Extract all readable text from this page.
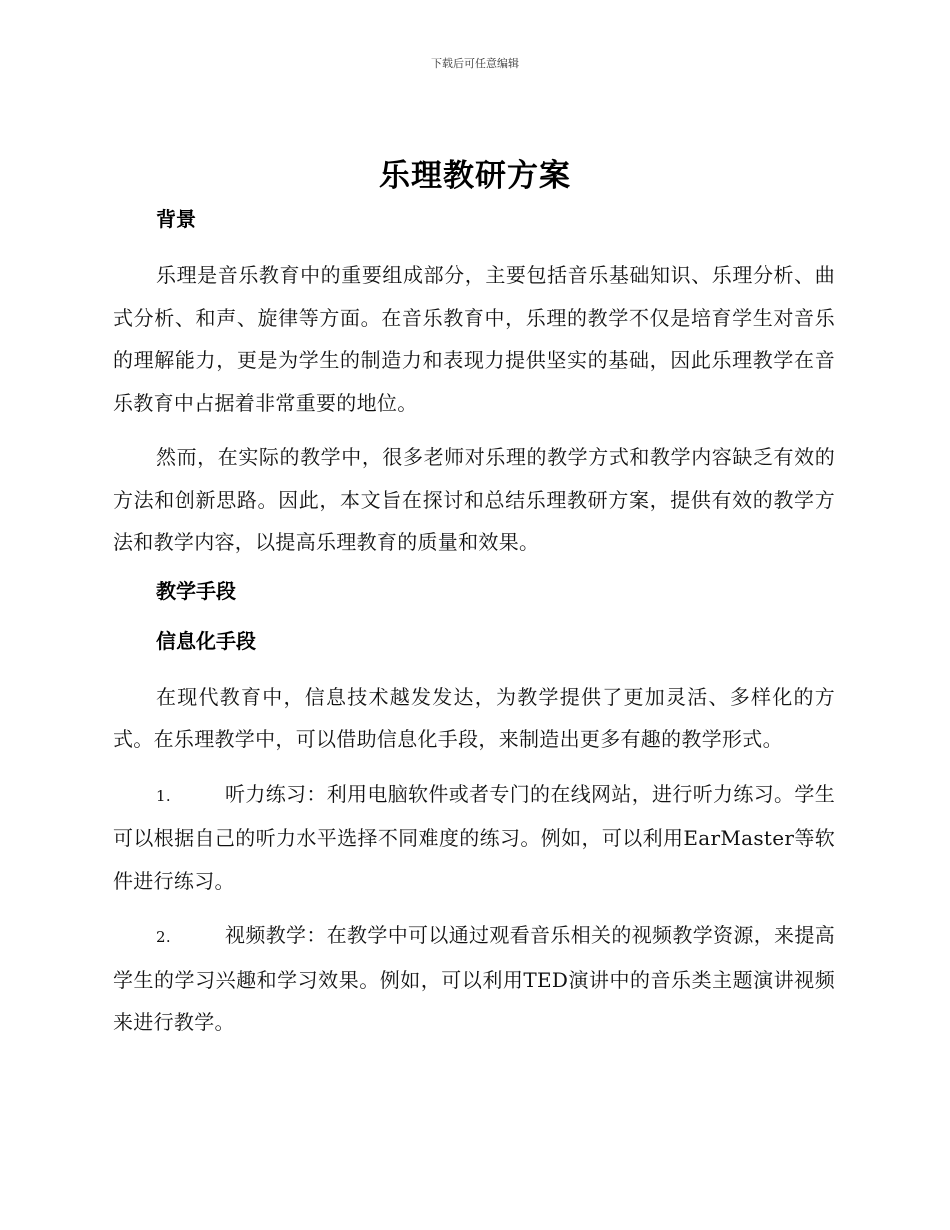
下载后可任意编辑
乐理教研方案
背景

乐理是音乐教育中的重要组成部分，主要包括音乐基础知识、乐理分析、曲式分析、和声、旋律等方面。在音乐教育中，乐理的教学不仅是培育学生对音乐的理解能力，更是为学生的制造力和表现力提供坚实的基础，因此乐理教学在音乐教育中占据着非常重要的地位。

然而，在实际的教学中，很多老师对乐理的教学方式和教学内容缺乏有效的方法和创新思路。因此，本文旨在探讨和总结乐理教研方案，提供有效的教学方法和教学内容，以提高乐理教育的质量和效果。

教学手段
信息化手段

在现代教育中，信息技术越发发达，为教学提供了更加灵活、多样化的方式。在乐理教学中，可以借助信息化手段，来制造出更多有趣的教学形式。

1.	听力练习：利用电脑软件或者专门的在线网站，进行听力练习。学生可以根据自己的听力水平选择不同难度的练习。例如，可以利用EarMaster等软件进行练习。

2.	视频教学：在教学中可以通过观看音乐相关的视频教学资源，来提高学生的学习兴趣和学习效果。例如，可以利用TED演讲中的音乐类主题演讲视频来进行教学。
